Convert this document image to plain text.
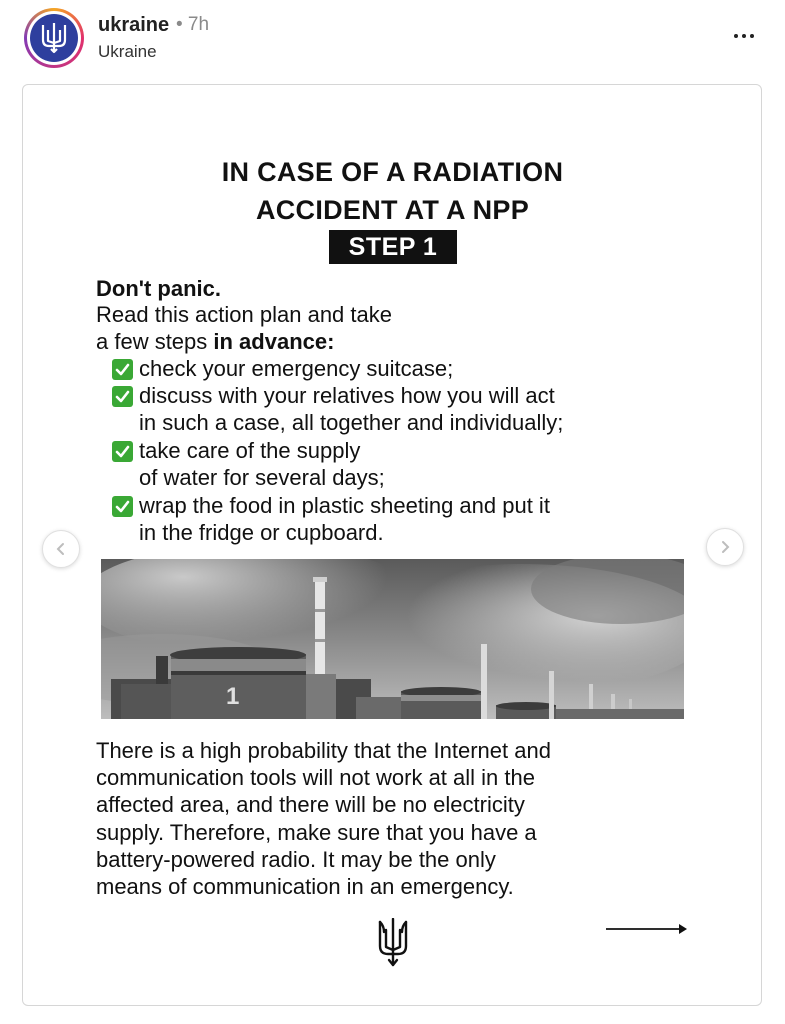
ukraine • 7h
Ukraine
IN CASE OF A RADIATION
ACCIDENT AT A NPP
STEP 1
Don't panic.
Read this action plan and take
a few steps in advance:
check your emergency suitcase;
discuss with your relatives how you will act
in such a case, all together and individually;
take care of the supply
of water for several days;
wrap the food in plastic sheeting and put it
in the fridge or cupboard.
1
There is a high probability that the Internet and
communication tools will not work at all in the
affected area, and there will be no electricity
supply. Therefore, make sure that you have a
battery-powered radio. It may be the only
means of communication in an emergency.
